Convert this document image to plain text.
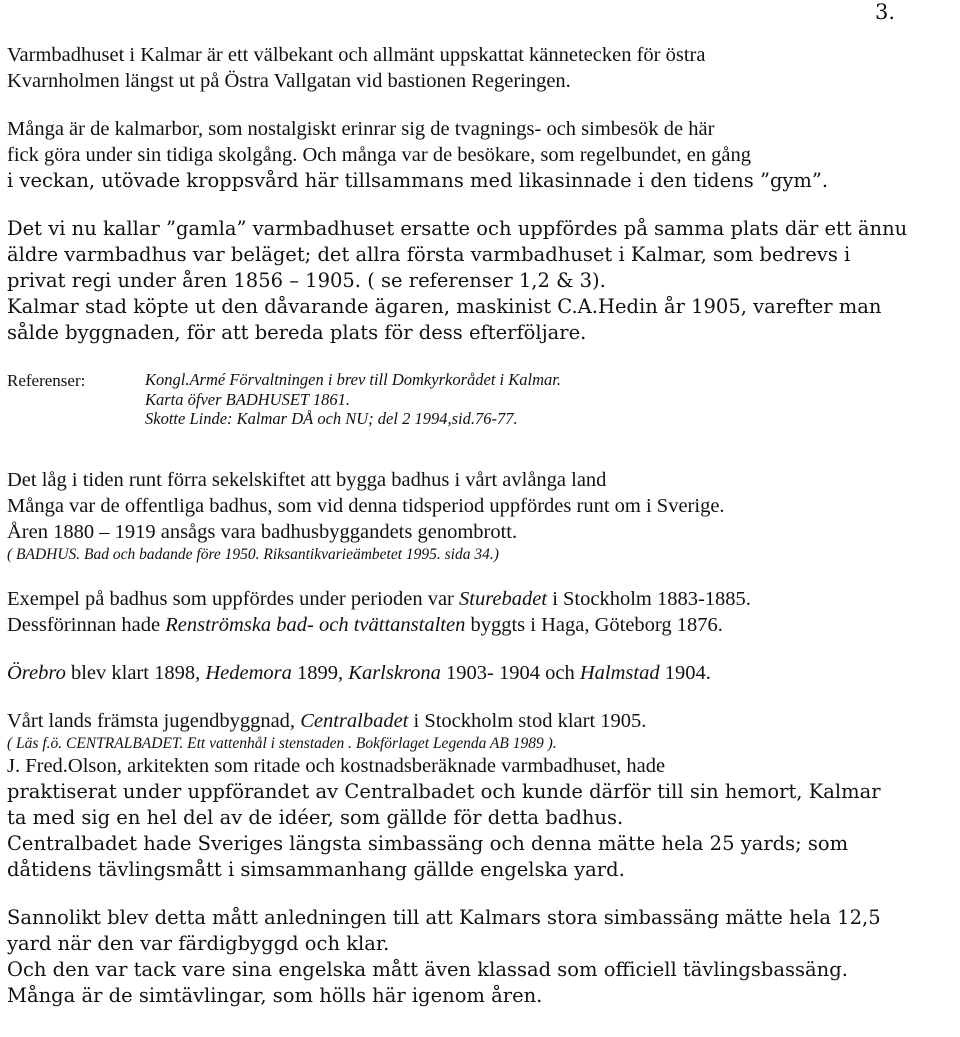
3.

Varmbadhuset i Kalmar är ett välbekant och allmänt uppskattat kännetecken för östra
Kvarnholmen längst ut på Östra Vallgatan vid bastionen Regeringen.

Många är de kalmarbor, som nostalgiskt erinrar sig de tvagnings- och simbesök de här
fick göra under sin tidiga skolgång. Och många var de besökare, som regelbundet, en gång
i veckan, utövade kroppsvård här tillsammans med likasinnade i den tidens ”gym”.

Det vi nu kallar ”gamla” varmbadhuset ersatte och uppfördes på samma plats där ett ännu
äldre varmbadhus var beläget; det allra första varmbadhuset i Kalmar, som bedrevs i
privat regi under åren 1856 – 1905. ( se referenser 1,2 & 3).
Kalmar stad köpte ut den dåvarande ägaren, maskinist C.A.Hedin år 1905, varefter man
sålde byggnaden, för att bereda plats för dess efterföljare.

Referenser:	Kongl.Armé Förvaltningen i brev till Domkyrkorådet i Kalmar.
Karta öfver BADHUSET 1861.
Skotte Linde: Kalmar DÅ och NU; del 2 1994,sid.76-77.

Det låg i tiden runt förra sekelskiftet att bygga badhus i vårt avlånga land
Många var de offentliga badhus, som vid denna tidsperiod uppfördes runt om i Sverige.
Åren 1880 – 1919 ansågs vara badhusbyggandets genombrott.
( BADHUS. Bad och badande före 1950. Riksantikvarieämbetet 1995. sida 34.)

Exempel på badhus som uppfördes under perioden var Sturebadet i Stockholm 1883-1885.
Dessförinnan hade Renströmska bad- och tvättanstalten byggts i Haga, Göteborg 1876.

Örebro blev klart 1898, Hedemora 1899, Karlskrona 1903- 1904 och Halmstad 1904.

Vårt lands främsta jugendbyggnad, Centralbadet i Stockholm stod klart 1905.
( Läs f.ö. CENTRALBADET. Ett vattenhål i stenstaden . Bokförlaget Legenda AB 1989 ).
J. Fred.Olson, arkitekten som ritade och kostnadsberäknade varmbadhuset, hade
praktiserat under uppförandet av Centralbadet och kunde därför till sin hemort, Kalmar
ta med sig en hel del av de idéer, som gällde för detta badhus.
Centralbadet hade Sveriges längsta simbassäng och denna mätte hela 25 yards; som
dåtidens tävlingsmått i simsammanhang gällde engelska yard.

Sannolikt blev detta mått anledningen till att Kalmars stora simbassäng mätte hela 12,5
yard när den var färdigbyggd och klar.
Och den var tack vare sina engelska mått även klassad som officiell tävlingsbassäng.
Många är de simtävlingar, som hölls här igenom åren.
